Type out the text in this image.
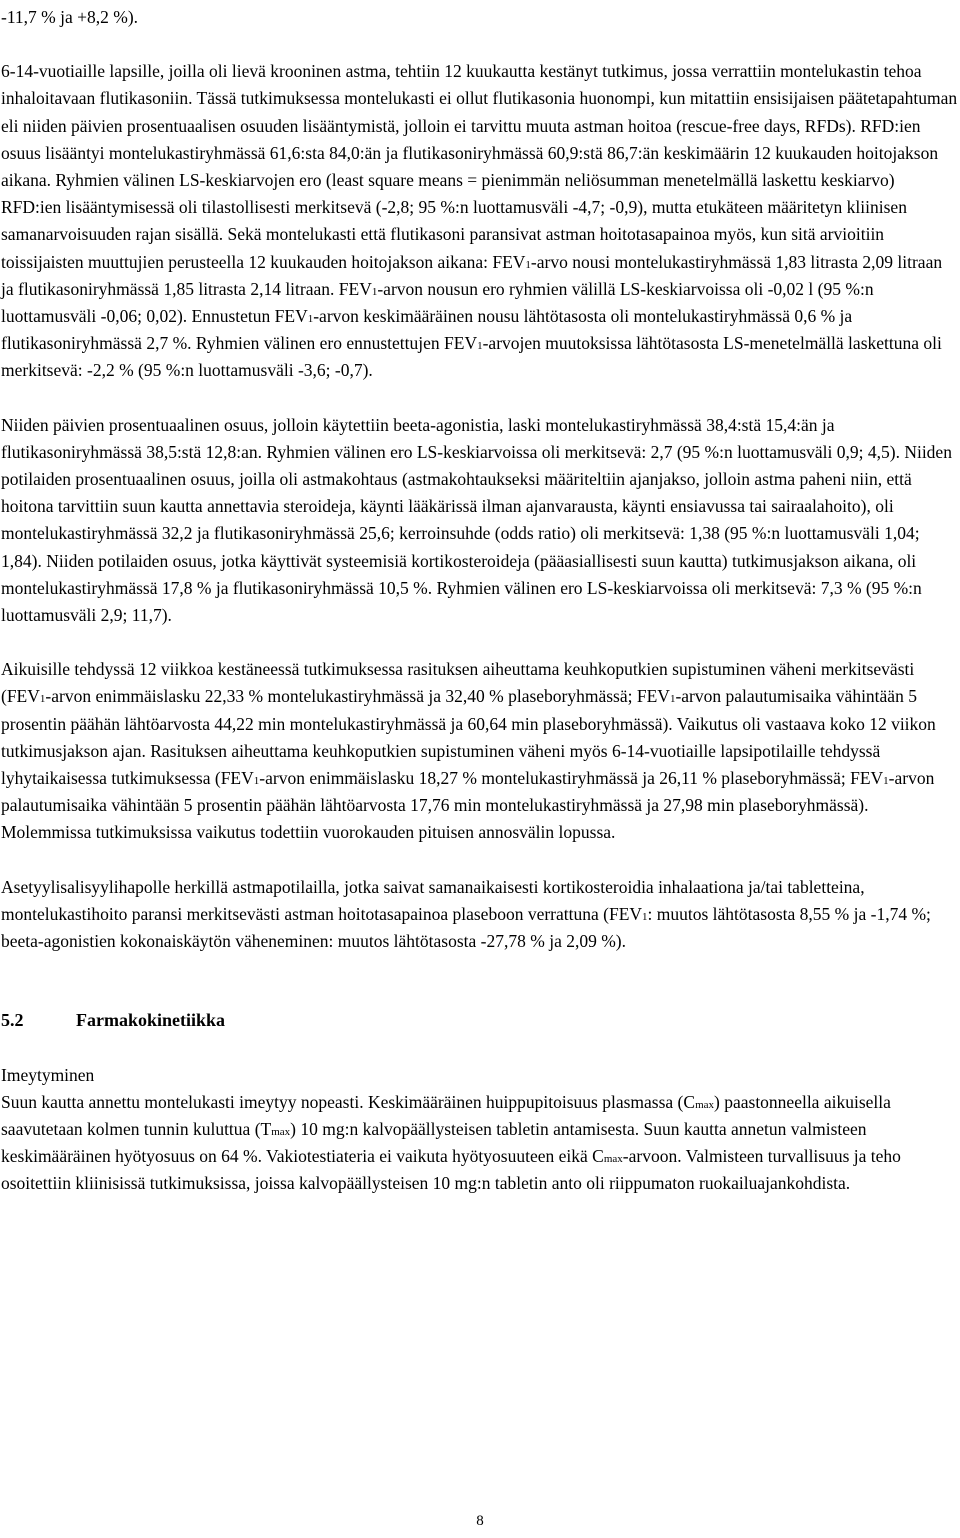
-11,7 % ja +8,2 %).

6-14-vuotiaille lapsille, joilla oli lievä krooninen astma, tehtiin 12 kuukautta kestänyt tutkimus, jossa verrattiin montelukastin tehoa inhaloitavaan flutikasoniin. Tässä tutkimuksessa montelukasti ei ollut flutikasonia huonompi, kun mitattiin ensisijaisen päätetapahtuman eli niiden päivien prosentuaalisen osuuden lisääntymistä, jolloin ei tarvittu muuta astman hoitoa (rescue-free days, RFDs). RFD:ien osuus lisääntyi montelukastiryhmässä 61,6:sta 84,0:än ja flutikasoniryhmässä 60,9:stä 86,7:än keskimäärin 12 kuukauden hoitojakson aikana. Ryhmien välinen LS-keskiarvojen ero (least square means = pienimmän neliösumman menetelmällä laskettu keskiarvo) RFD:ien lisääntymisessä oli tilastollisesti merkitsevä (-2,8; 95 %:n luottamusväli -4,7; -0,9), mutta etukäteen määritetyn kliinisen samanarvoisuuden rajan sisällä. Sekä montelukasti että flutikasoni paransivat astman hoitotasapainoa myös, kun sitä arvioitiin toissijaisten muuttujien perusteella 12 kuukauden hoitojakson aikana: FEV1-arvo nousi montelukastiryhmässä 1,83 litrasta 2,09 litraan ja flutikasoniryhmässä 1,85 litrasta 2,14 litraan. FEV1-arvon nousun ero ryhmien välillä LS-keskiarvoissa oli -0,02 l (95 %:n luottamusväli -0,06; 0,02). Ennustetun FEV1-arvon keskimääräinen nousu lähtötasosta oli montelukastiryhmässä 0,6 % ja flutikasoniryhmässä 2,7 %. Ryhmien välinen ero ennustettujen FEV1-arvojen muutoksissa lähtötasosta LS-menetelmällä laskettuna oli merkitsevä: -2,2 % (95 %:n luottamusväli -3,6; -0,7).

Niiden päivien prosentuaalinen osuus, jolloin käytettiin beeta-agonistia, laski montelukastiryhmässä 38,4:stä 15,4:än ja flutikasoniryhmässä 38,5:stä 12,8:an. Ryhmien välinen ero LS-keskiarvoissa oli merkitsevä: 2,7 (95 %:n luottamusväli 0,9; 4,5). Niiden potilaiden prosentuaalinen osuus, joilla oli astmakohtaus (astmakohtaukseksi määriteltiin ajanjakso, jolloin astma paheni niin, että hoitona tarvittiin suun kautta annettavia steroideja, käynti lääkärissä ilman ajanvarausta, käynti ensiavussa tai sairaalahoito), oli montelukastiryhmässä 32,2 ja flutikasoniryhmässä 25,6; kerroinsuhde (odds ratio) oli merkitsevä: 1,38 (95 %:n luottamusväli 1,04; 1,84). Niiden potilaiden osuus, jotka käyttivät systeemisiä kortikosteroideja (pääasiallisesti suun kautta) tutkimusjakson aikana, oli montelukastiryhmässä 17,8 % ja flutikasoniryhmässä 10,5 %. Ryhmien välinen ero LS-keskiarvoissa oli merkitsevä: 7,3 % (95 %:n luottamusväli 2,9; 11,7).

Aikuisille tehdyssä 12 viikkoa kestäneessä tutkimuksessa rasituksen aiheuttama keuhkoputkien supistuminen väheni merkitsevästi (FEV1-arvon enimmäislasku 22,33 % montelukastiryhmässä ja 32,40 % plaseboryhmässä; FEV1-arvon palautumisaika vähintään 5 prosentin päähän lähtöarvosta 44,22 min montelukastiryhmässä ja 60,64 min plaseboryhmässä). Vaikutus oli vastaava koko 12 viikon tutkimusjakson ajan. Rasituksen aiheuttama keuhkoputkien supistuminen väheni myös 6-14-vuotiaille lapsipotilaille tehdyssä lyhytaikaisessa tutkimuksessa (FEV1-arvon enimmäislasku 18,27 % montelukastiryhmässä ja 26,11 % plaseboryhmässä; FEV1-arvon palautumisaika vähintään 5 prosentin päähän lähtöarvosta 17,76 min montelukastiryhmässä ja 27,98 min plaseboryhmässä). Molemmissa tutkimuksissa vaikutus todettiin vuorokauden pituisen annosvälin lopussa.

Asetyylisalisyylihapolle herkillä astmapotilailla, jotka saivat samanaikaisesti kortikosteroidia inhalaationa ja/tai tabletteina, montelukastihoito paransi merkitsevästi astman hoitotasapainoa plaseboon verrattuna (FEV1: muutos lähtötasosta 8,55 % ja -1,74 %; beeta-agonistien kokonaiskäytön väheneminen: muutos lähtötasosta -27,78 % ja 2,09 %).

5.2	Farmakokinetiikka

Imeytyminen

Suun kautta annettu montelukasti imeytyy nopeasti. Keskimääräinen huippupitoisuus plasmassa (Cmax) paastonneella aikuisella saavutetaan kolmen tunnin kuluttua (Tmax) 10 mg:n kalvopäällysteisen tabletin antamisesta. Suun kautta annetun valmisteen keskimääräinen hyötyosuus on 64 %. Vakiotestiateria ei vaikuta hyötyosuuteen eikä Cmax-arvoon. Valmisteen turvallisuus ja teho osoitettiin kliinisissä tutkimuksissa, joissa kalvopäällysteisen 10 mg:n tabletin anto oli riippumaton ruokailuajankohdista.

8
